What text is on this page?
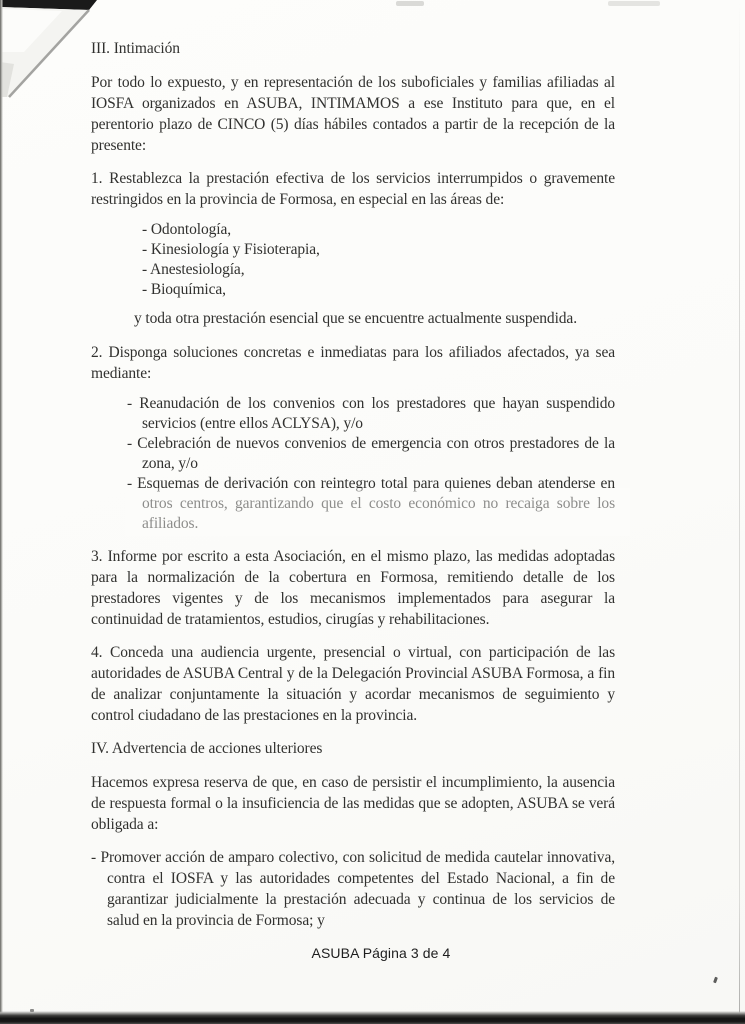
III. Intimación

Por todo lo expuesto, y en representación de los suboficiales y familias afiliadas al IOSFA organizados en ASUBA, INTIMAMOS a ese Instituto para que, en el perentorio plazo de CINCO (5) días hábiles contados a partir de la recepción de la presente:

1. Restablezca la prestación efectiva de los servicios interrumpidos o gravemente restringidos en la provincia de Formosa, en especial en las áreas de:

- Odontología,
- Kinesiología y Fisioterapia,
- Anestesiología,
- Bioquímica,
y toda otra prestación esencial que se encuentre actualmente suspendida.

2. Disponga soluciones concretas e inmediatas para los afiliados afectados, ya sea mediante:

- Reanudación de los convenios con los prestadores que hayan suspendido servicios (entre ellos ACLYSA), y/o
- Celebración de nuevos convenios de emergencia con otros prestadores de la zona, y/o
- Esquemas de derivación con reintegro total para quienes deban atenderse en otros centros, garantizando que el costo económico no recaiga sobre los afiliados.

3. Informe por escrito a esta Asociación, en el mismo plazo, las medidas adoptadas para la normalización de la cobertura en Formosa, remitiendo detalle de los prestadores vigentes y de los mecanismos implementados para asegurar la continuidad de tratamientos, estudios, cirugías y rehabilitaciones.

4. Conceda una audiencia urgente, presencial o virtual, con participación de las autoridades de ASUBA Central y de la Delegación Provincial ASUBA Formosa, a fin de analizar conjuntamente la situación y acordar mecanismos de seguimiento y control ciudadano de las prestaciones en la provincia.

IV. Advertencia de acciones ulteriores

Hacemos expresa reserva de que, en caso de persistir el incumplimiento, la ausencia de respuesta formal o la insuficiencia de las medidas que se adopten, ASUBA se verá obligada a:

- Promover acción de amparo colectivo, con solicitud de medida cautelar innovativa, contra el IOSFA y las autoridades competentes del Estado Nacional, a fin de garantizar judicialmente la prestación adecuada y continua de los servicios de salud en la provincia de Formosa; y
ASUBA Página 3 de 4
